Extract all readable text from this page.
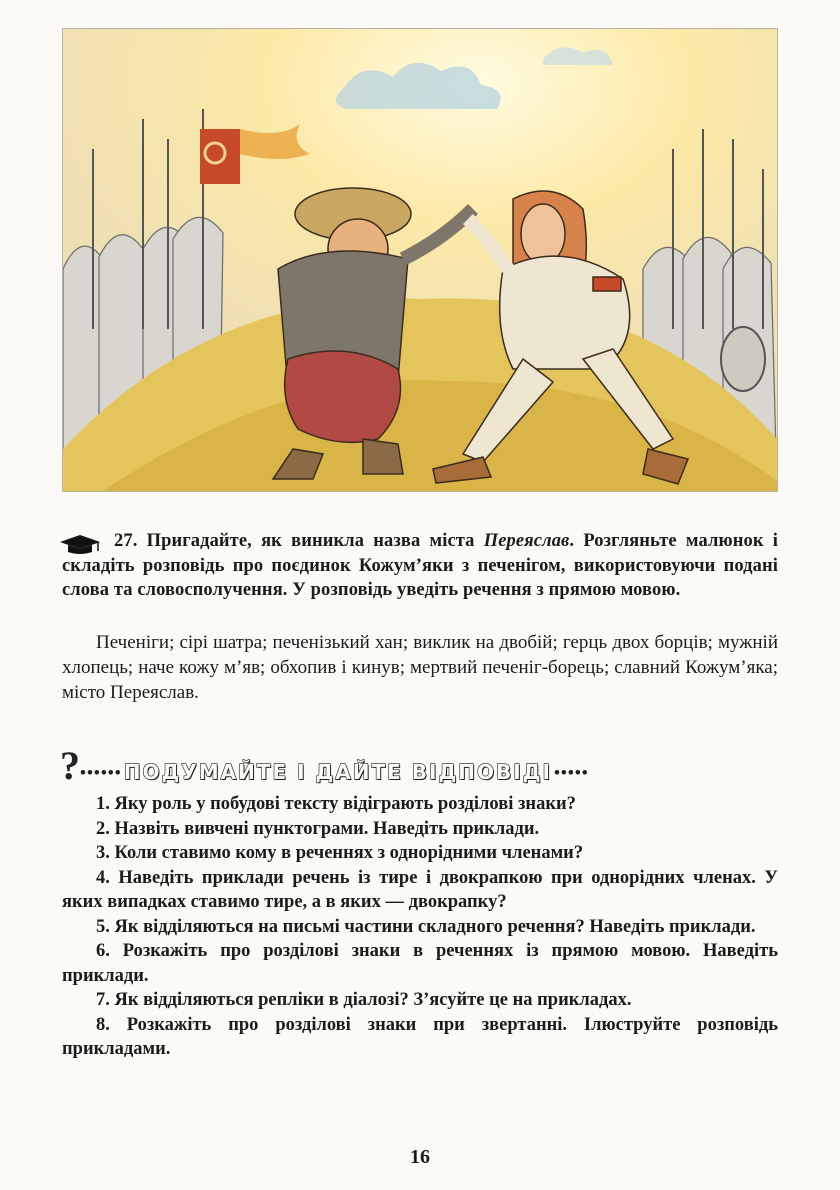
27. Пригадайте, як виникла назва міста Переяслав. Розгляньте малюнок і складіть розповідь про поєдинок Кожум’яки з печенігом, використовуючи подані слова та словосполучення. У розповідь уведіть речення з прямою мовою.

Печеніги; сірі шатра; печенізький хан; виклик на двобій; герць двох борців; мужній хлопець; наче кожу м’яв; обхопив і кинув; мертвий печеніг-борець; славний Кожум’яка; місто Переяслав.

? •••••• ПОДУМАЙТЕ І ДАЙТЕ ВІДПОВІДІ •••••
1. Яку роль у побудові тексту відіграють розділові знаки?
2. Назвіть вивчені пунктограми. Наведіть приклади.
3. Коли ставимо кому в реченнях з однорідними членами?
4. Наведіть приклади речень із тире і двокрапкою при однорідних членах. У яких випадках ставимо тире, а в яких — двокрапку?
5. Як відділяються на письмі частини складного речення? Наведіть приклади.
6. Розкажіть про розділові знаки в реченнях із прямою мовою. Наведіть приклади.
7. Як відділяються репліки в діалозі? З’ясуйте це на прикладах.
8. Розкажіть про розділові знаки при звертанні. Ілюструйте розповідь прикладами.
16
